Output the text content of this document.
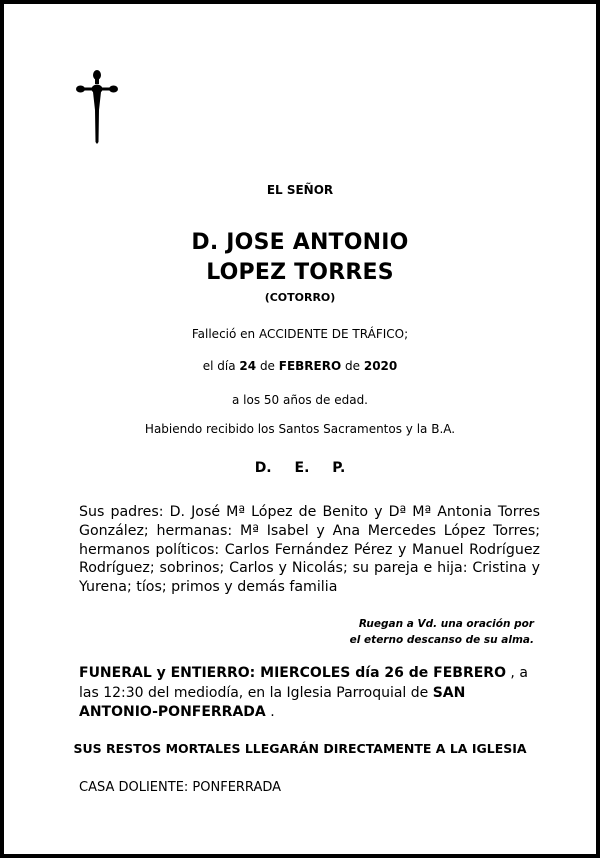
EL SEÑOR
D. JOSE ANTONIO
LOPEZ TORRES
(COTORRO)
Falleció en ACCIDENTE DE TRÁFICO;
el día 24 de FEBRERO de 2020
a los 50 años de edad.
Habiendo recibido los Santos Sacramentos y la B.A.
D. E. P.
Sus padres: D. José Mª López de Benito y Dª Mª Antonia Torres González; hermanas: Mª Isabel y Ana Mercedes López Torres; hermanos políticos: Carlos Fernández Pérez y Manuel Rodríguez Rodríguez; sobrinos; Carlos y Nicolás; su pareja e hija: Cristina y Yurena; tíos; primos y demás familia
Ruegan a Vd. una oración por
el eterno descanso de su alma.
FUNERAL y ENTIERRO: MIERCOLES día 26 de FEBRERO , a las 12:30 del mediodía, en la Iglesia Parroquial de SAN ANTONIO-PONFERRADA .
SUS RESTOS MORTALES LLEGARÁN DIRECTAMENTE A LA IGLESIA
CASA DOLIENTE: PONFERRADA
